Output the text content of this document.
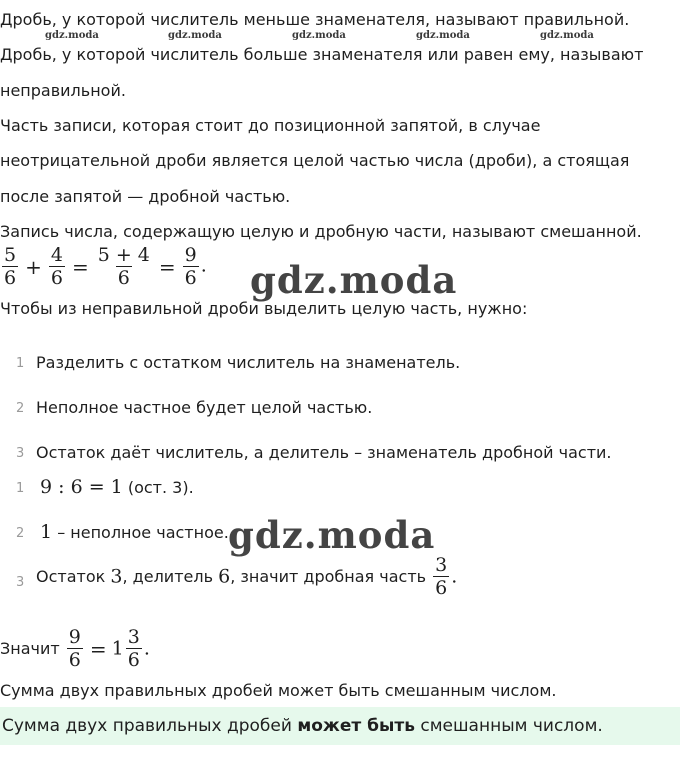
Дробь, у которой числитель меньше знаменателя, называют правильной.
gdz.moda	gdz.moda	gdz.moda	gdz.moda	gdz.moda
Дробь, у которой числитель больше знаменателя или равен ему, называют
неправильной.
Часть записи, которая стоит до позиционной запятой, в случае
неотрицательной дроби является целой частью числа (дроби), а стоящая
после запятой — дробной частью.
Запись числа, содержащую целую и дробную части, называют смешанной.
$\frac{5}{6} + \frac{4}{6} = \frac{5 + 4}{6} = \frac{9}{6}$ . gdz.moda
Чтобы из неправильной дроби выделить целую часть, нужно:
1 Разделить с остатком числитель на знаменатель.
2 Неполное частное будет целой частью.
3 Остаток даёт числитель, а делитель – знаменатель дробной части.
1 9 : 6 = 1 (ост. 3).
2 1 – неполное частное. gdz.moda
3 Остаток 3, делитель 6, значит дробная часть $\frac{3}{6}$ .
Значит $\frac{9}{6} = 1 \frac{3}{6}$ .
Сумма двух правильных дробей может быть смешанным числом.
Сумма двух правильных дробей может быть смешанным числом.
